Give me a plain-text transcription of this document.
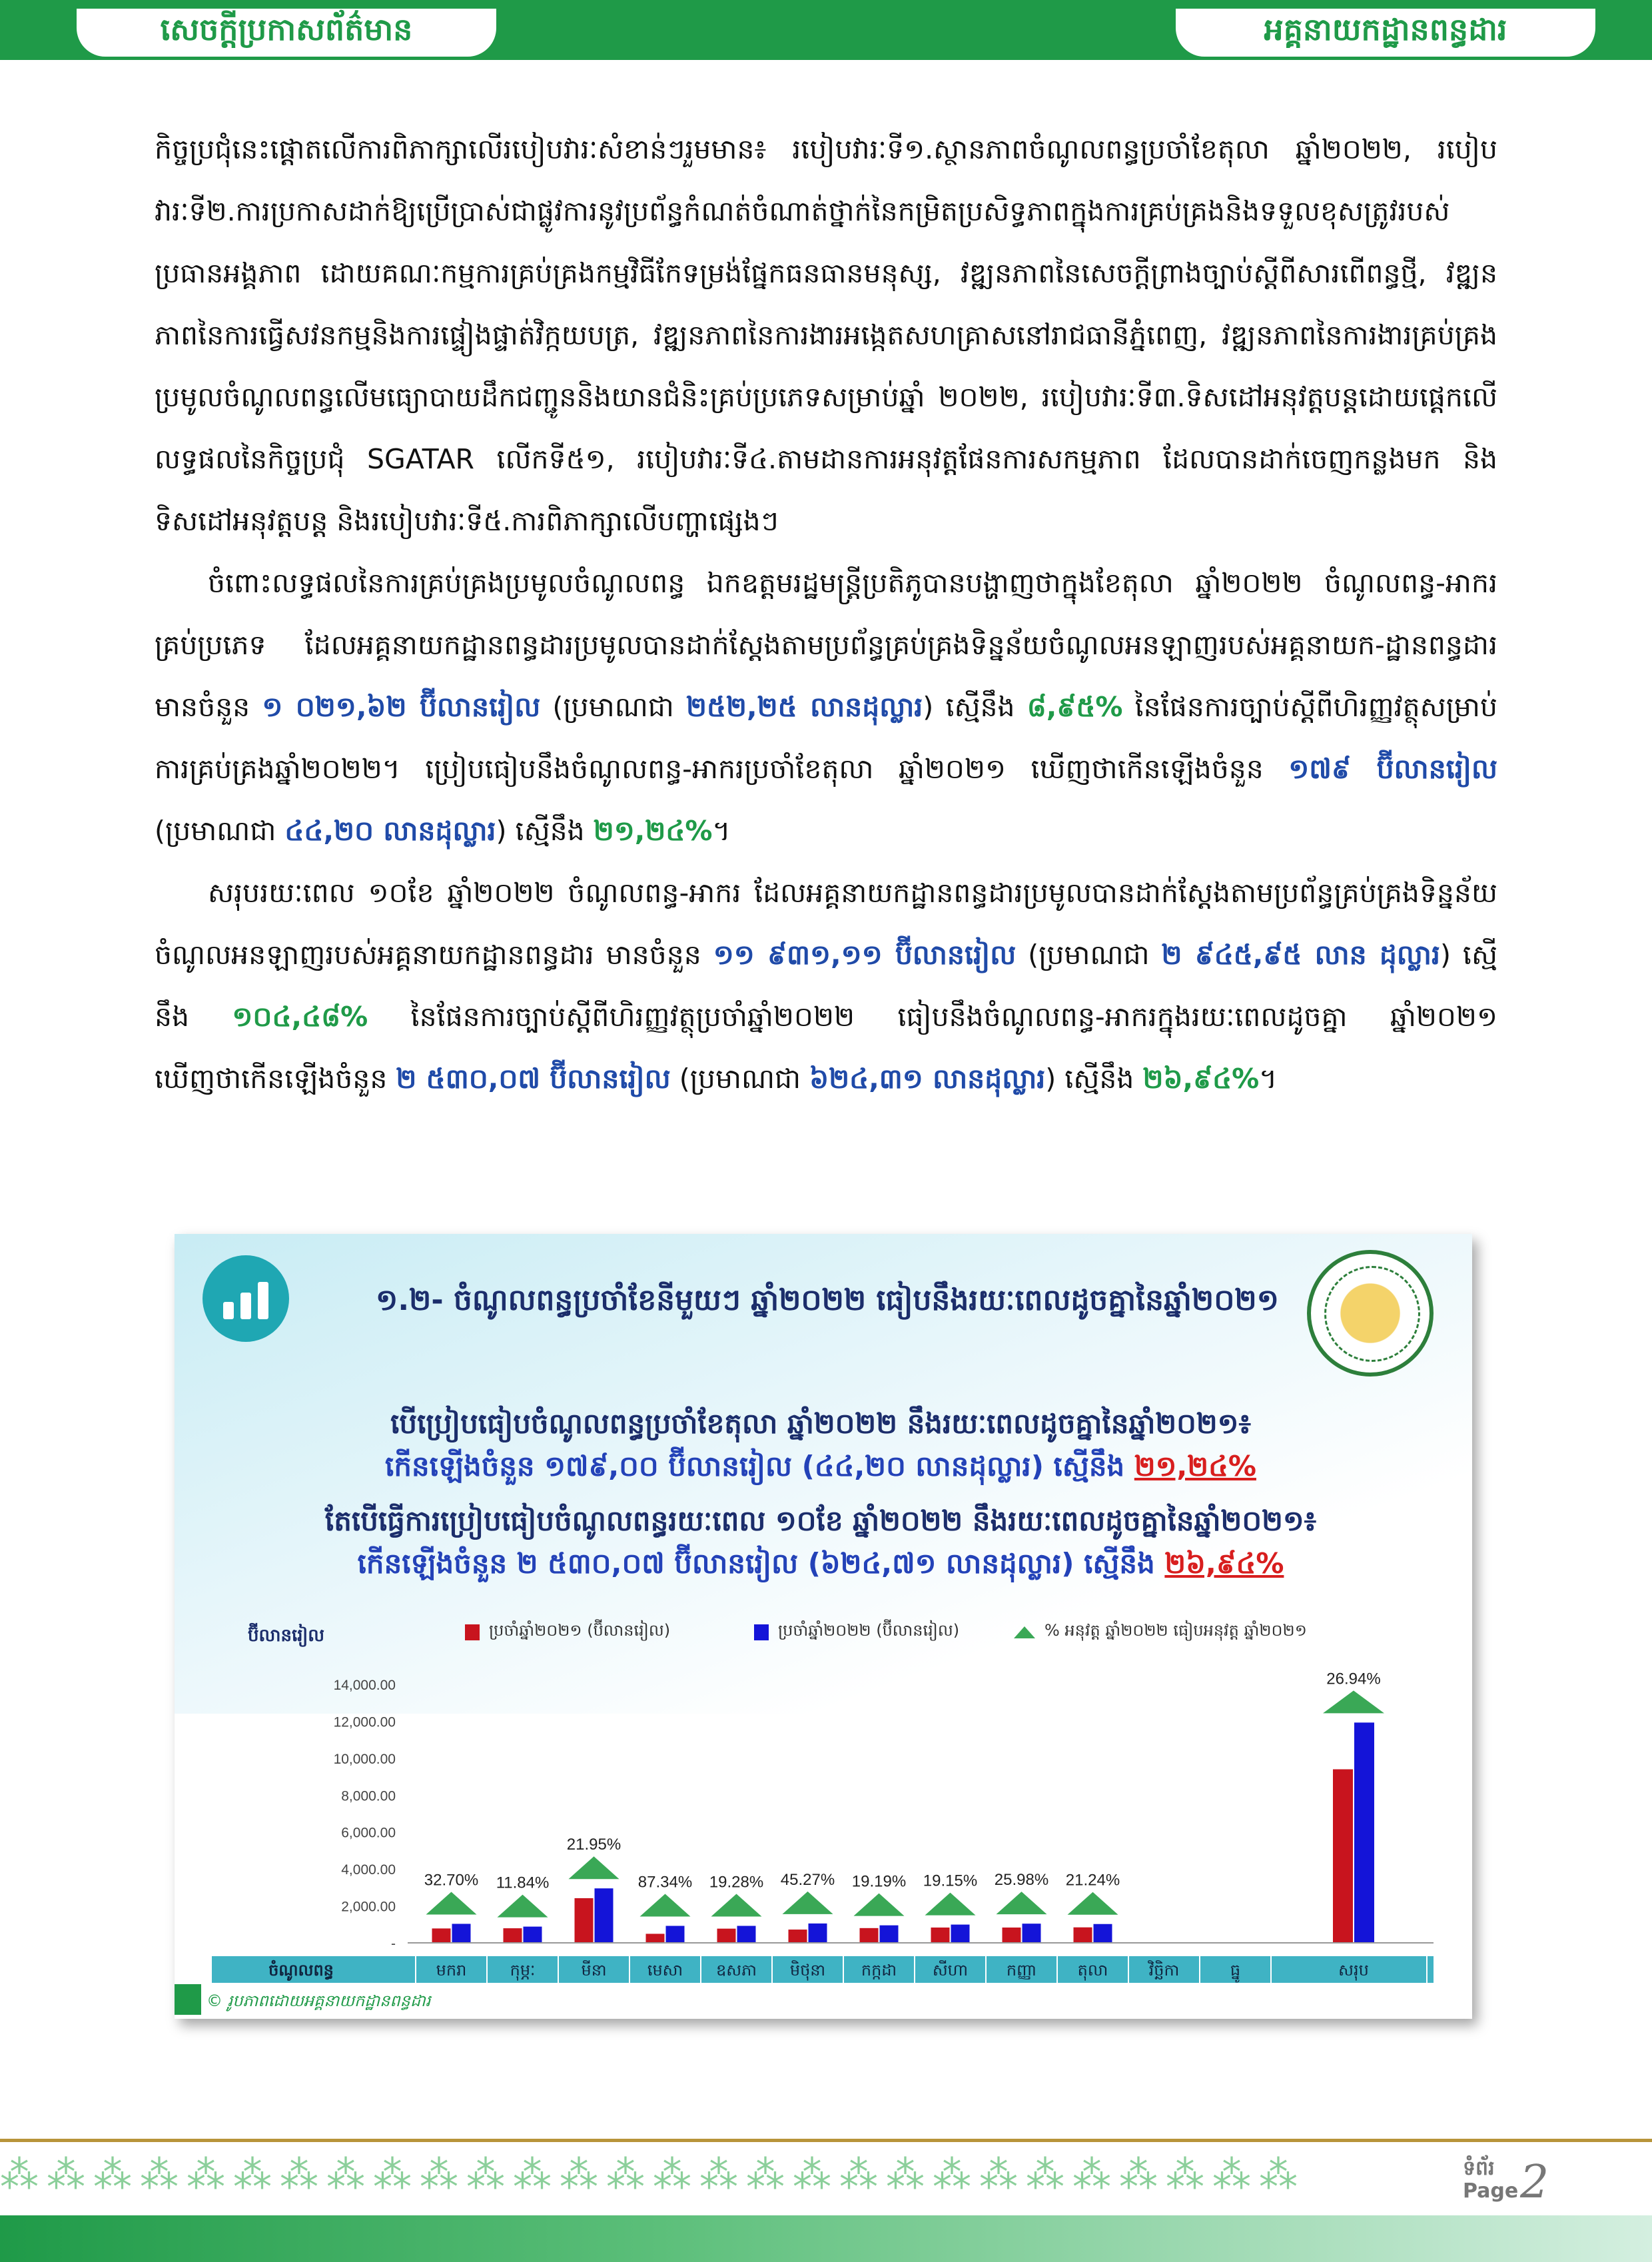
សេចក្តីប្រកាសព័ត៌មាន	អគ្គនាយកដ្ឋានពន្ធដារ

កិច្ចប្រជុំនេះផ្ដោតលើការពិភាក្សាលើរបៀបវារៈសំខាន់ៗរួមមាន៖ របៀបវារៈទី១.ស្ថានភាពចំណូលពន្ធប្រចាំខែតុលា ឆ្នាំ២០២២, របៀបវារៈទី២.ការប្រកាសដាក់ឱ្យប្រើប្រាស់ជាផ្លូវការនូវប្រព័ន្ធកំណត់ចំណាត់ថ្នាក់នៃកម្រិតប្រសិទ្ធភាពក្នុងការគ្រប់គ្រងនិងទទួលខុសត្រូវរបស់ប្រធានអង្គភាព ដោយគណៈកម្មការគ្រប់គ្រងកម្មវិធីកែទម្រង់ផ្នែកធនធានមនុស្ស, វឌ្ឍនភាពនៃសេចក្តីព្រាងច្បាប់ស្តីពីសារពើពន្ធថ្មី, វឌ្ឍនភាពនៃការធ្វើសវនកម្មនិងការផ្ទៀងផ្ទាត់វិក្កយបត្រ, វឌ្ឍនភាពនៃការងារអង្កេតសហគ្រាសនៅរាជធានីភ្នំពេញ, វឌ្ឍនភាពនៃការងារគ្រប់គ្រងប្រមូលចំណូលពន្ធលើមធ្យោបាយដឹកជញ្ជូននិងយានជំនិះគ្រប់ប្រភេទសម្រាប់ឆ្នាំ ២០២២, របៀបវារៈទី៣.ទិសដៅអនុវត្តបន្តដោយផ្ដេកលើលទ្ធផលនៃកិច្ចប្រជុំ SGATAR លើកទី៥១, របៀបវារៈទី៤.តាមដានការអនុវត្តផែនការសកម្មភាព ដែលបានដាក់ចេញកន្លងមក និងទិសដៅអនុវត្តបន្ត និងរបៀបវារៈទី៥.ការពិភាក្សាលើបញ្ហាផ្សេងៗ

ចំពោះលទ្ធផលនៃការគ្រប់គ្រងប្រមូលចំណូលពន្ធ ឯកឧត្តមរដ្ឋមន្ត្រីប្រតិភូបានបង្ហាញថាក្នុងខែតុលា ឆ្នាំ២០២២ ចំណូលពន្ធ-អាករគ្រប់ប្រភេទ ដែលអគ្គនាយកដ្ឋានពន្ធដារប្រមូលបានដាក់ស្តែងតាមប្រព័ន្ធគ្រប់គ្រងទិន្នន័យចំណូលអនឡាញរបស់អគ្គនាយក-ដ្ឋានពន្ធដារ មានចំនួន ១ ០២១,៦២ ប៊ីលានរៀល (ប្រមាណជា ២៥២,២៥ លានដុល្លារ) ស្មើនឹង ៨,៩៥% នៃផែនការច្បាប់ស្តីពីហិរញ្ញវត្ថុសម្រាប់ការគ្រប់គ្រងឆ្នាំ២០២២។ ប្រៀបធៀបនឹងចំណូលពន្ធ-អាករប្រចាំខែតុលា ឆ្នាំ២០២១ ឃើញថាកើនឡើងចំនួន ១៧៩ ប៊ីលានរៀល (ប្រមាណជា ៤៤,២០ លានដុល្លារ) ស្មើនឹង ២១,២៤%។

សរុបរយៈពេល ១០ខែ ឆ្នាំ២០២២ ចំណូលពន្ធ-អាករ ដែលអគ្គនាយកដ្ឋានពន្ធដារប្រមូលបានដាក់ស្តែងតាមប្រព័ន្ធគ្រប់គ្រងទិន្នន័យចំណូលអនឡាញរបស់អគ្គនាយកដ្ឋានពន្ធដារ មានចំនួន ១១ ៩៣១,១១ ប៊ីលានរៀល (ប្រមាណជា ២ ៩៤៥,៩៥ លាន ដុល្លារ) ស្មើនឹង ១០៤,៤៨% នៃផែនការច្បាប់ស្តីពីហិរញ្ញវត្ថុប្រចាំឆ្នាំ២០២២ ធៀបនឹងចំណូលពន្ធ-អាករក្នុងរយៈពេលដូចគ្នា ឆ្នាំ២០២១ ឃើញថាកើនឡើងចំនួន ២ ៥៣០,០៧ ប៊ីលានរៀល (ប្រមាណជា ៦២៤,៣១ លានដុល្លារ) ស្មើនឹង ២៦,៩៤%។

១.២- ចំណូលពន្ធប្រចាំខែនីមួយៗ ឆ្នាំ២០២២ ធៀបនឹងរយៈពេលដូចគ្នានៃឆ្នាំ២០២១
បើប្រៀបធៀបចំណូលពន្ធប្រចាំខែតុលា ឆ្នាំ២០២២ នឹងរយៈពេលដូចគ្នានៃឆ្នាំ២០២១៖
កើនឡើងចំនួន ១៧៩,០០ ប៊ីលានរៀល (៤៤,២០ លានដុល្លារ) ស្មើនឹង ២១,២៤%
តែបើធ្វើការប្រៀបធៀបចំណូលពន្ធរយៈពេល ១០ខែ ឆ្នាំ២០២២ នឹងរយៈពេលដូចគ្នានៃឆ្នាំ២០២១៖
កើនឡើងចំនួន ២ ៥៣០,០៧ ប៊ីលានរៀល (៦២៤,៧១ លានដុល្លារ) ស្មើនឹង ២៦,៩៤%
ប៊ីលានរៀល	ប្រចាំឆ្នាំ២០២១ (ប៊ីលានរៀល)	ប្រចាំឆ្នាំ២០២២ (ប៊ីលានរៀល)	% អនុវត្ត ឆ្នាំ២០២២ ធៀបអនុវត្ត ឆ្នាំ២០២១
14,000.00
12,000.00
10,000.00
8,000.00
6,000.00
4,000.00
2,000.00
-
32.70% 11.84%
21.95%
87.34% 19.28% 45.27% 19.19% 19.15% 25.98% 21.24%
26.94%
ចំណូលពន្ធ	មករា	កុម្ភៈ	មីនា	មេសា ឧសភា មិថុនា កក្កដា សីហា កញ្ញា	តុលា	វិច្ឆិកា	ធ្នូ	សរុប
© រូបភាពដោយអគ្គនាយកដ្ឋានពន្ធដារ
⁂⁂⁂⁂⁂⁂⁂⁂⁂⁂⁂⁂⁂⁂⁂⁂⁂⁂⁂⁂⁂⁂⁂⁂⁂⁂⁂⁂	ទំព័រ
Page 2
